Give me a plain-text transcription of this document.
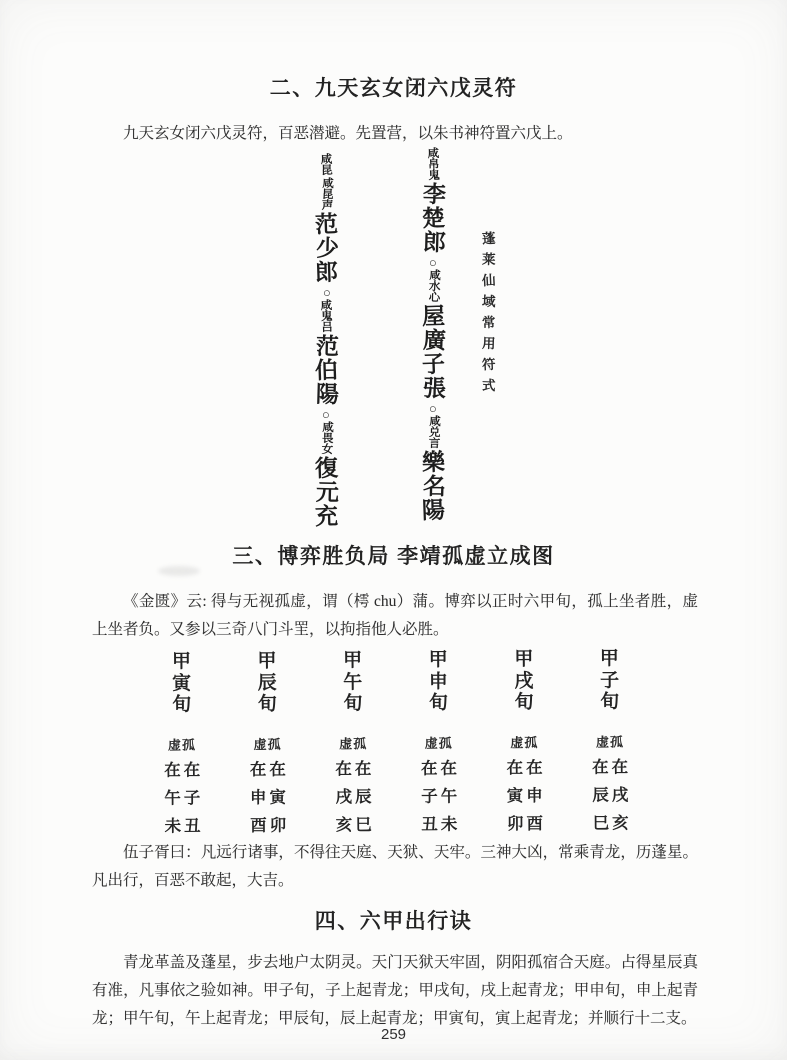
二、九天玄女闭六戊灵符

九天玄女闭六戊灵符，百恶潜避。先置营，以朱书神符置六戊上。

咸
昆
咸
昆
声
范
少
郎
○
咸
鬼
吕
范
伯
陽
○
咸
畏
女
復
元
充
咸
帛
鬼
李
楚
郎
○
咸
水
心
屋
廣
子
張
○
咸
兑
言
樂
名
陽
蓬
莱
仙
域
常
用
符
式
三、博弈胜负局 李靖孤虚立成图

《金匮》云: 得与无视孤虚，谓（樗 chu）蒲。博弈以正时六甲旬，孤上坐者胜，虚上坐者负。又参以三奇八门斗罜，以拘指他人必胜。

甲
寅
旬
虚孤
在在
午子
未丑
甲
辰
旬
虚孤
在在
申寅
酉卯
甲
午
旬
虚孤
在在
戌辰
亥巳
甲
申
旬
虚孤
在在
子午
丑未
甲
戌
旬
虚孤
在在
寅申
卯酉
甲
子
旬
虚孤
在在
辰戌
巳亥

伍子胥曰：凡远行诸事，不得往天庭、天狱、天牢。三神大凶，常乘青龙，历蓬星。凡出行，百恶不敢起，大吉。

四、六甲出行诀

青龙革盖及蓬星，步去地户太阴灵。天门天狱天牢固，阴阳孤宿合天庭。占得星辰真有准，凡事依之验如神。甲子旬，子上起青龙；甲戌旬，戌上起青龙；甲申旬，申上起青龙；甲午旬，午上起青龙；甲辰旬，辰上起青龙；甲寅旬，寅上起青龙；并顺行十二支。

259
